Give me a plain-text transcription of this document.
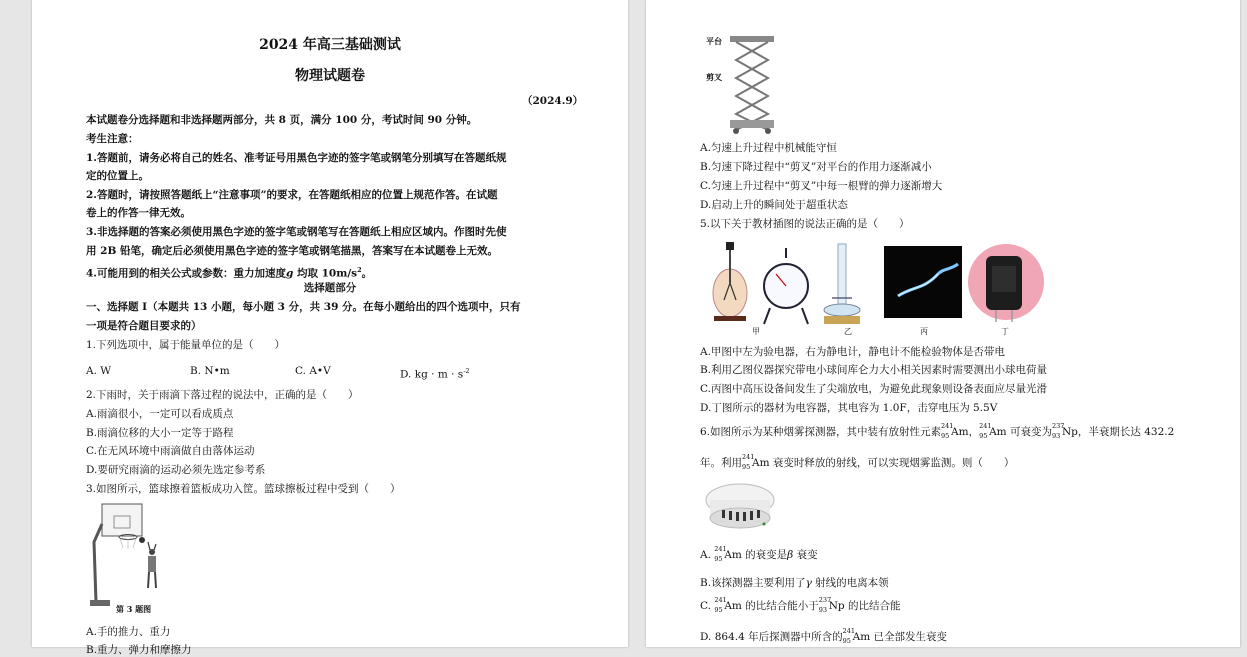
2024 年高三基础测试
物理试题卷
（2024.9）
本试题卷分选择题和非选择题两部分，共 8 页，满分 100 分，考试时间 90 分钟。
考生注意：
1.答题前，请务必将自己的姓名、准考证号用黑色字迹的签字笔或钢笔分别填写在答题纸规
定的位置上。
2.答题时，请按照答题纸上“注意事项”的要求，在答题纸相应的位置上规范作答。在试题
卷上的作答一律无效。
3.非选择题的答案必须使用黑色字迹的签字笔或钢笔写在答题纸上相应区域内。作图时先使
用 2B 铅笔，确定后必须使用黑色字迹的签字笔或钢笔描黑，答案写在本试题卷上无效。
4.可能用到的相关公式或参数：重力加速度g 均取 $10m/s^2$。
选择题部分
一、选择题 I（本题共 13 小题，每小题 3 分，共 39 分。在每小题给出的四个选项中，只有
一项是符合题目要求的）
1.下列选项中，属于能量单位的是（　　）
A. W	B. N•m	C. A•V	D. kg · $m \cdot s^{-2}$
2.下雨时，关于雨滴下落过程的说法中，正确的是（　　）
A.雨滴很小，一定可以看成质点
B.雨滴位移的大小一定等于路程
C.在无风环境中雨滴做自由落体运动
D.要研究雨滴的运动必须先选定参考系
3.如图所示，篮球擦着篮板成功入筐。篮球擦板过程中受到（　　）
第 3 题图
A.手的推力、重力
B.重力、弹力和摩擦力
平台
剪叉
A.匀速上升过程中机械能守恒
B.匀速下降过程中“剪叉”对平台的作用力逐渐减小
C.匀速上升过程中“剪叉”中每一根臂的弹力逐渐增大
D.启动上升的瞬间处于超重状态
5.以下关于教材插图的说法正确的是（　　）
甲	乙	丙	丁
A.甲图中左为验电器，右为静电计，静电计不能检验物体是否带电
B.利用乙图仪器探究带电小球间库仑力大小相关因素时需要测出小球电荷量
C.丙图中高压设备间发生了尖端放电，为避免此现象则设备表面应尽量光滑
D.丁图所示的器材为电容器，其电容为 1.0F，击穿电压为 5.5V
6.如图所示为某种烟雾探测器，其中装有放射性元素 241
95 Am， 241
95 Am 可衰变为 237
93 Np，半衰期长达 432.2
年。利用 241
95 Am 衰变时释放的射线，可以实现烟雾监测。则（　　）
A. 241
95 Am 的衰变是β 衰变
B.该探测器主要利用了γ 射线的电离本领
C. 241
95 Am 的比结合能小于 237
93 Np 的比结合能
D. 864.4 年后探测器中所含的 241
95 Am 已全部发生衰变
